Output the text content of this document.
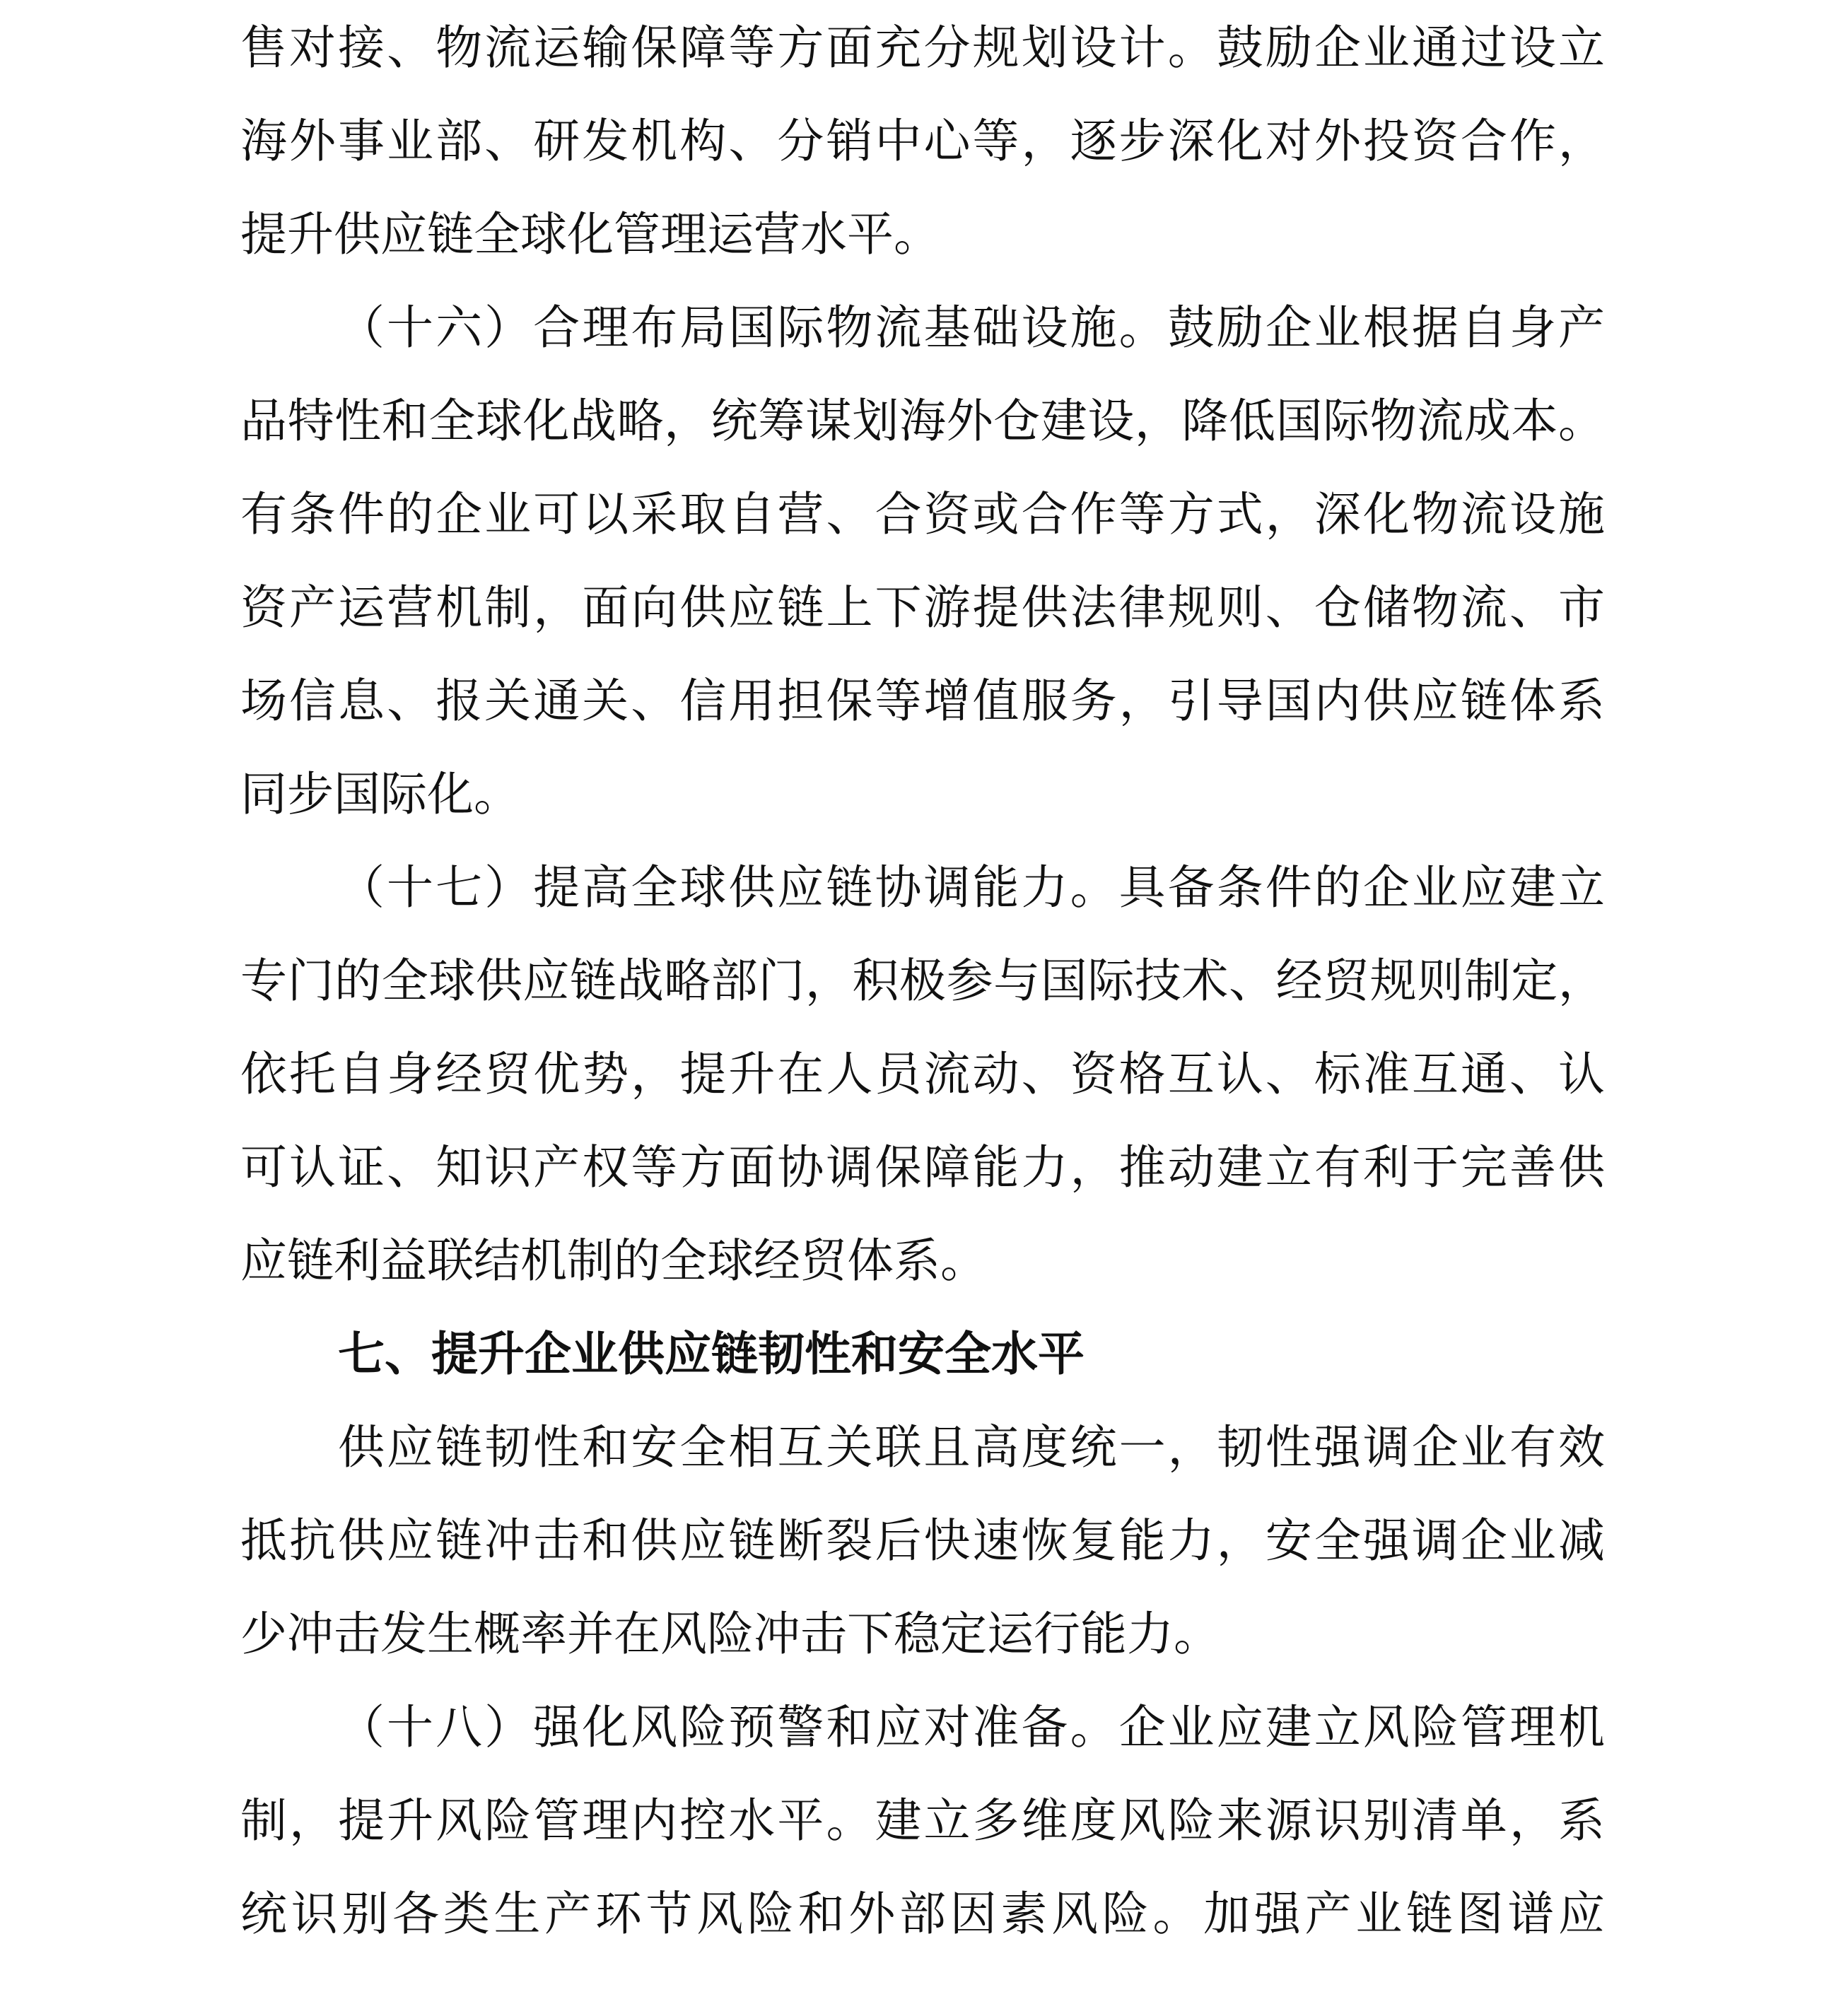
售对接、物流运输保障等方面充分规划设计。鼓励企业通过设立
海外事业部、研发机构、分销中心等，逐步深化对外投资合作，
提升供应链全球化管理运营水平。
（十六）合理布局国际物流基础设施。鼓励企业根据自身产
品特性和全球化战略，统筹谋划海外仓建设，降低国际物流成本。
有条件的企业可以采取自营、合资或合作等方式，深化物流设施
资产运营机制，面向供应链上下游提供法律规则、仓储物流、市
场信息、报关通关、信用担保等增值服务，引导国内供应链体系
同步国际化。
（十七）提高全球供应链协调能力。具备条件的企业应建立
专门的全球供应链战略部门，积极参与国际技术、经贸规则制定，
依托自身经贸优势，提升在人员流动、资格互认、标准互通、认
可认证、知识产权等方面协调保障能力，推动建立有利于完善供
应链利益联结机制的全球经贸体系。
七、提升企业供应链韧性和安全水平
供应链韧性和安全相互关联且高度统一，韧性强调企业有效
抵抗供应链冲击和供应链断裂后快速恢复能力，安全强调企业减
少冲击发生概率并在风险冲击下稳定运行能力。
（十八）强化风险预警和应对准备。企业应建立风险管理机
制，提升风险管理内控水平。建立多维度风险来源识别清单，系
统识别各类生产环节风险和外部因素风险。加强产业链图谱应
